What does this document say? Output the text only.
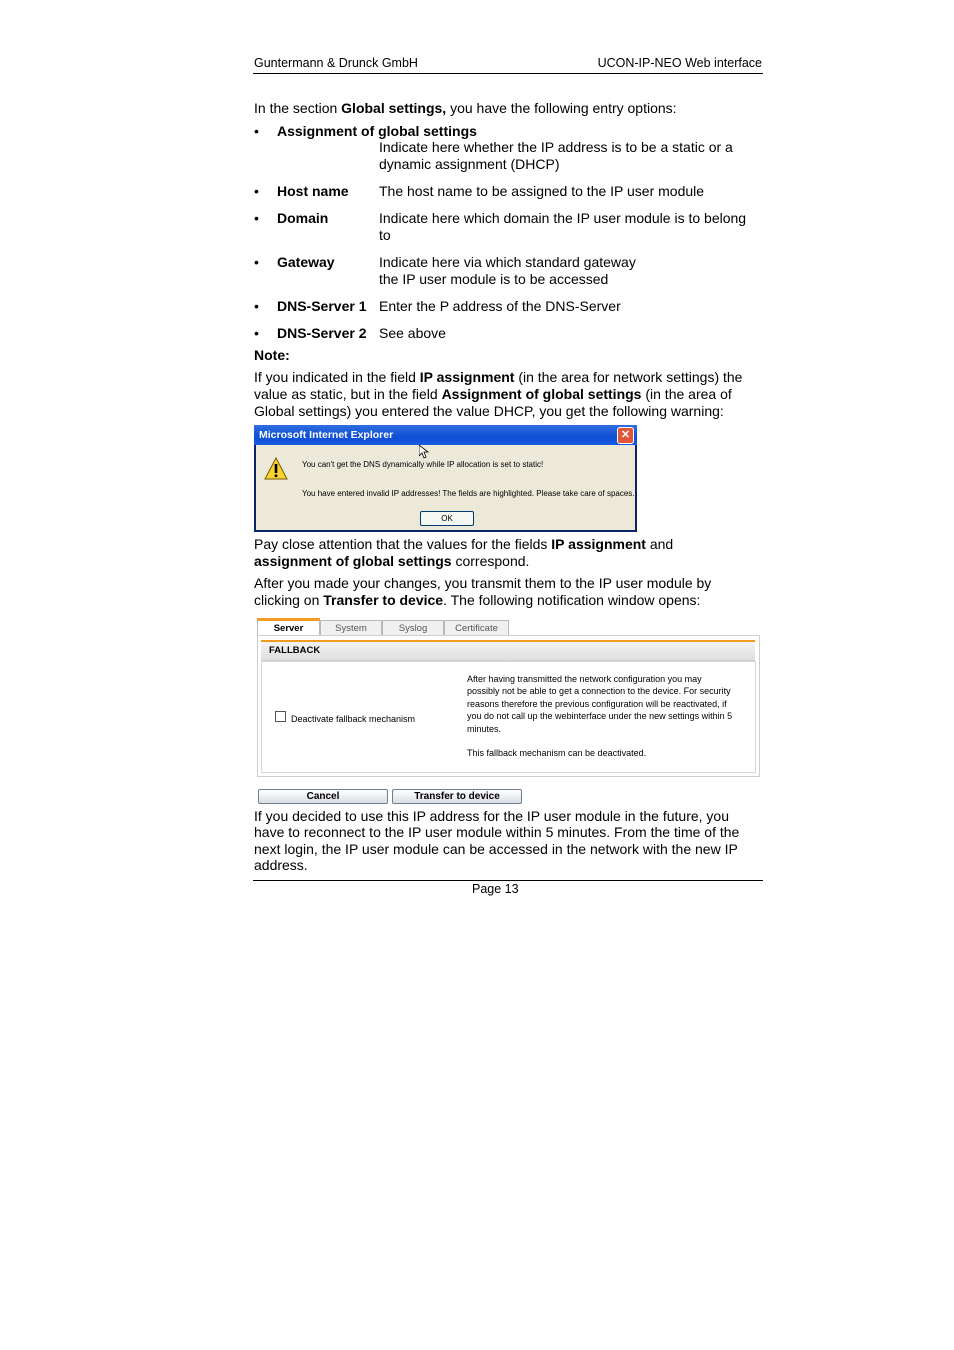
Guntermann & Drunck GmbH	UCON-IP-NEO Web interface
In the section Global settings, you have the following entry options:
• Assignment of global settings
Indicate here whether the IP address is to be a static or a
dynamic assignment (DHCP)
• Host name The host name to be assigned to the IP user module
• Domain	Indicate here which domain the IP user module is to belong
to
• Gateway	Indicate here via which standard gateway
the IP user module is to be accessed
• DNS-Server 1 Enter the P address of the DNS-Server
• DNS-Server 2 See above
Note:
If you indicated in the field IP assignment (in the area for network settings) the
value as static, but in the field Assignment of global settings (in the area of
Global settings) you entered the value DHCP, you get the following warning:
Microsoft Internet Explorer	✕
You can't get the DNS dynamically while IP allocation is set to static!
You have entered invalid IP addresses! The fields are highlighted. Please take care of spaces.
OK
Pay close attention that the values for the fields IP assignment and
assignment of global settings correspond.
After you made your changes, you transmit them to the IP user module by
clicking on Transfer to device. The following notification window opens:
Server	System	Syslog	Certificate
FALLBACK
Deactivate fallback mechanism
After having transmitted the network configuration you may
possibly not be able to get a connection to the device. For security
reasons therefore the previous configuration will be reactivated, if
you do not call up the webinterface under the new settings within 5
minutes.
This fallback mechanism can be deactivated.
Cancel	Transfer to device
If you decided to use this IP address for the IP user module in the future, you
have to reconnect to the IP user module within 5 minutes. From the time of the
next login, the IP user module can be accessed in the network with the new IP
address.
Page 13
